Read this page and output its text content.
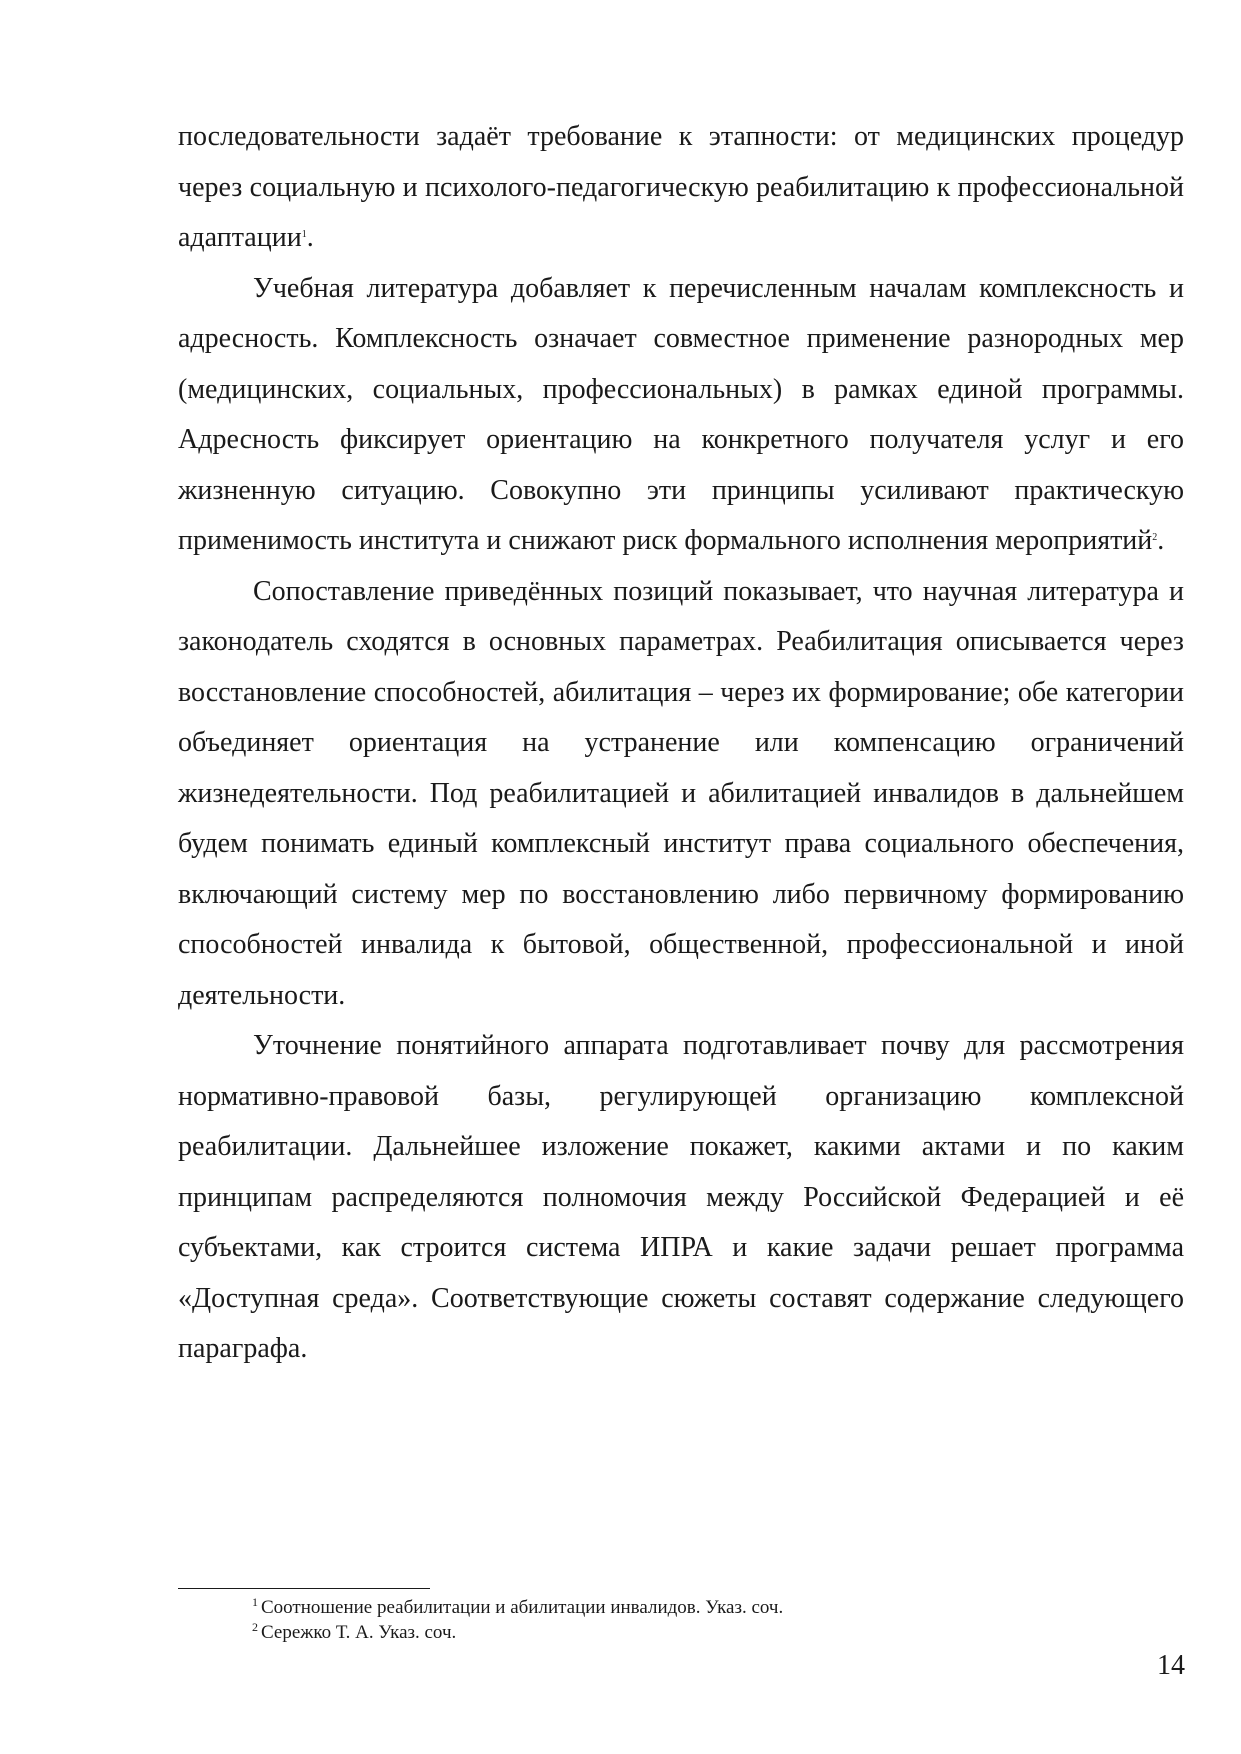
последовательности задаёт требование к этапности: от медицинских процедур через социальную и психолого-педагогическую реабилитацию к профессиональной адаптации$^1$.

Учебная литература добавляет к перечисленным началам комплексность и адресность. Комплексность означает совместное применение разнородных мер (медицинских, социальных, профессиональных) в рамках единой программы. Адресность фиксирует ориентацию на конкретного получателя услуг и его жизненную ситуацию. Совокупно эти принципы усиливают практическую применимость института и снижают риск формального исполнения мероприятий$^2$.

Сопоставление приведённых позиций показывает, что научная литература и законодатель сходятся в основных параметрах. Реабилитация описывается через восстановление способностей, абилитация – через их формирование; обе категории объединяет ориентация на устранение или компенсацию ограничений жизнедеятельности. Под реабилитацией и абилитацией инвалидов в дальнейшем будем понимать единый комплексный институт права социального обеспечения, включающий систему мер по восстановлению либо первичному формированию способностей инвалида к бытовой, общественной, профессиональной и иной деятельности.

Уточнение понятийного аппарата подготавливает почву для рассмотрения нормативно-правовой базы, регулирующей организацию комплексной реабилитации. Дальнейшее изложение покажет, какими актами и по каким принципам распределяются полномочия между Российской Федерацией и её субъектами, как строится система ИПРА и какие задачи решает программа «Доступная среда». Соответствующие сюжеты составят содержание следующего параграфа.

$^1$ Соотношение реабилитации и абилитации инвалидов. Указ. соч.

$^2$ Сережко Т. А. Указ. соч.

14
